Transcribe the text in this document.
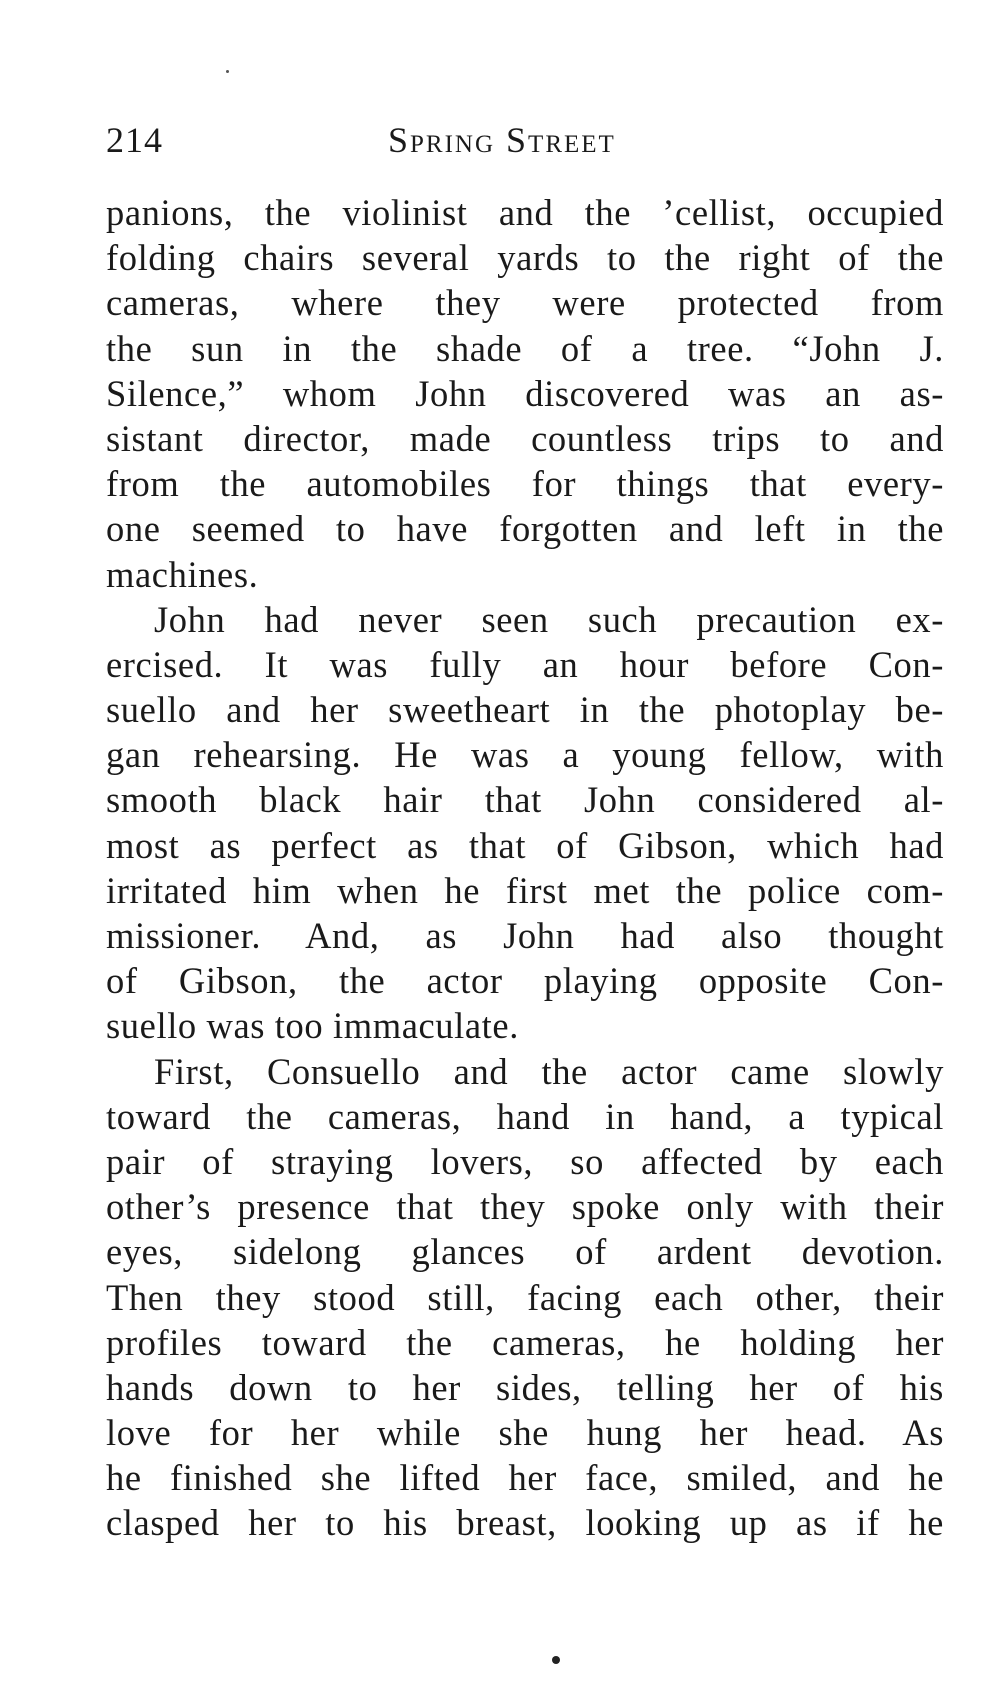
214	Spring Street
panions, the violinist and the ’cellist, occupied
folding chairs several yards to the right of the
cameras, where they were protected from
the sun in the shade of a tree. “John J.
Silence,” whom John discovered was an as-
sistant director, made countless trips to and
from the automobiles for things that every-
one seemed to have forgotten and left in the
machines.
John had never seen such precaution ex-
ercised. It was fully an hour before Con-
suello and her sweetheart in the photoplay be-
gan rehearsing. He was a young fellow, with
smooth black hair that John considered al-
most as perfect as that of Gibson, which had
irritated him when he first met the police com-
missioner. And, as John had also thought
of Gibson, the actor playing opposite Con-
suello was too immaculate.
First, Consuello and the actor came slowly
toward the cameras, hand in hand, a typical
pair of straying lovers, so affected by each
other’s presence that they spoke only with their
eyes, sidelong glances of ardent devotion.
Then they stood still, facing each other, their
profiles toward the cameras, he holding her
hands down to her sides, telling her of his
love for her while she hung her head. As
he finished she lifted her face, smiled, and he
clasped her to his breast, looking up as if he
